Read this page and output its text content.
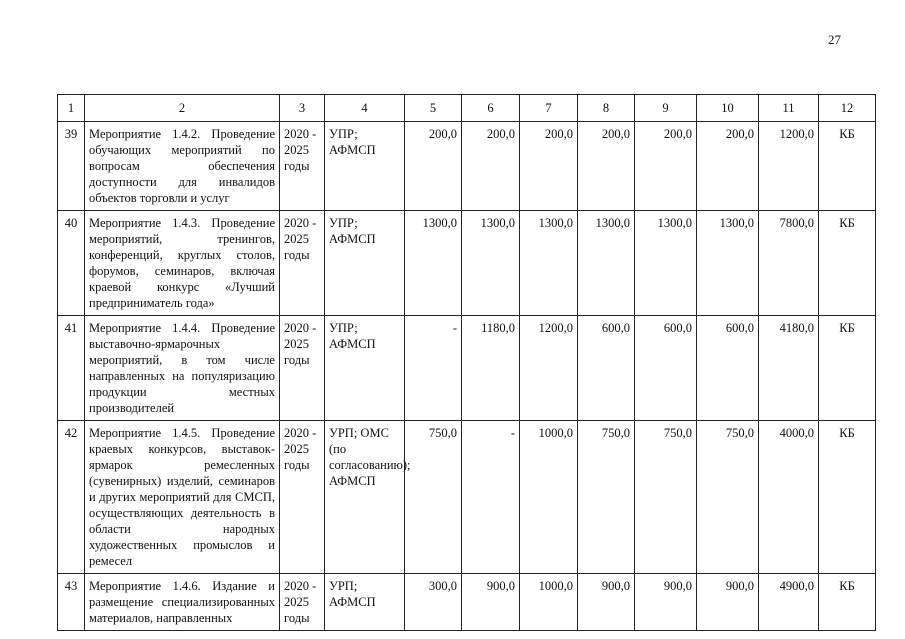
27
1	2	3	4	5	6	7	8	9	10	11	12
39	Мероприятие 1.4.2. Проведение обучающих мероприятий по вопросам обеспечения доступности для инвалидов объектов торговли и услуг	2020 - 2025 годы	УПР; АФМСП	200,0	200,0	200,0	200,0	200,0	200,0	1200,0	КБ
40	Мероприятие 1.4.3. Проведение мероприятий, тренингов, конференций, круглых столов, форумов, семинаров, включая краевой конкурс «Лучший предприниматель года»	2020 - 2025 годы	УПР; АФМСП	1300,0	1300,0	1300,0	1300,0	1300,0	1300,0	7800,0	КБ
41	Мероприятие 1.4.4. Проведение выставочно-ярмарочных мероприятий, в том числе направленных на популяризацию продукции местных производителей	2020 - 2025 годы	УПР; АФМСП	-	1180,0	1200,0	600,0	600,0	600,0	4180,0	КБ
42	Мероприятие 1.4.5. Проведение краевых конкурсов, выставок-ярмарок ремесленных (сувенирных) изделий, семинаров и других мероприятий для СМСП, осуществляющих деятельность в области народных художественных промыслов и ремесел	2020 - 2025 годы	УРП; ОМС (по согласованию); АФМСП	750,0	-	1000,0	750,0	750,0	750,0	4000,0	КБ
43	Мероприятие 1.4.6. Издание и размещение специализированных материалов, направленных	2020 - 2025 годы	УРП; АФМСП	300,0	900,0	1000,0	900,0	900,0	900,0	4900,0	КБ
